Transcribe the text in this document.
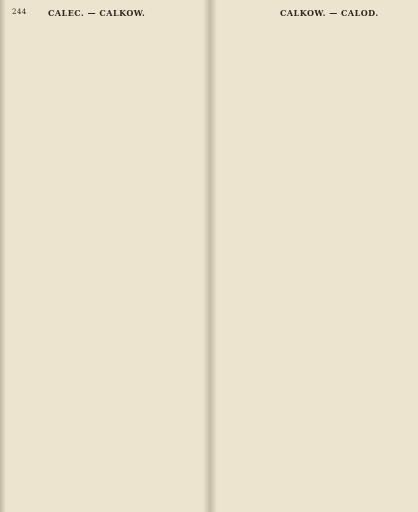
244	CALEC. — CALKOW.	CALKOW. — CALOD.
